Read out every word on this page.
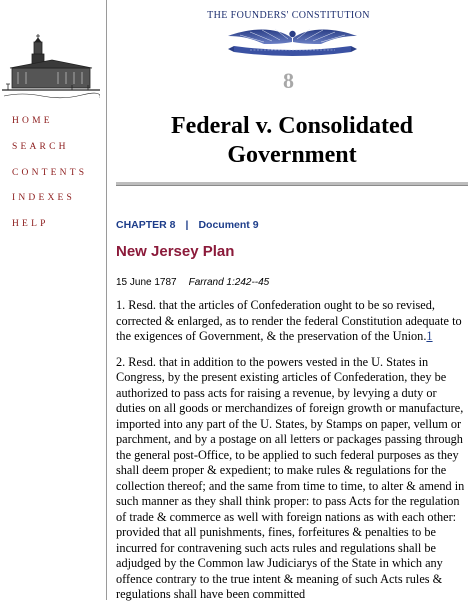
HOME
SEARCH
CONTENTS
INDEXES
HELP
THE FOUNDERS' CONSTITUTION
8
Federal v. Consolidated Government
CHAPTER 8 | Document 9
New Jersey Plan
15 June 1787 Farrand 1:242--45

1. Resd. that the articles of Confederation ought to be so revised, corrected & enlarged, as to render the federal Constitution adequate to the exigences of Government, & the preservation of the Union.1

2. Resd. that in addition to the powers vested in the U. States in Congress, by the present existing articles of Confederation, they be authorized to pass acts for raising a revenue, by levying a duty or duties on all goods or merchandizes of foreign growth or manufacture, imported into any part of the U. States, by Stamps on paper, vellum or parchment, and by a postage on all letters or packages passing through the general post-Office, to be applied to such federal purposes as they shall deem proper & expedient; to make rules & regulations for the collection thereof; and the same from time to time, to alter & amend in such manner as they shall think proper: to pass Acts for the regulation of trade & commerce as well with foreign nations as with each other: provided that all punishments, fines, forfeitures & penalties to be incurred for contravening such acts rules and regulations shall be adjudged by the Common law Judiciarys of the State in which any offence contrary to the true intent & meaning of such Acts rules & regulations shall have been committed
